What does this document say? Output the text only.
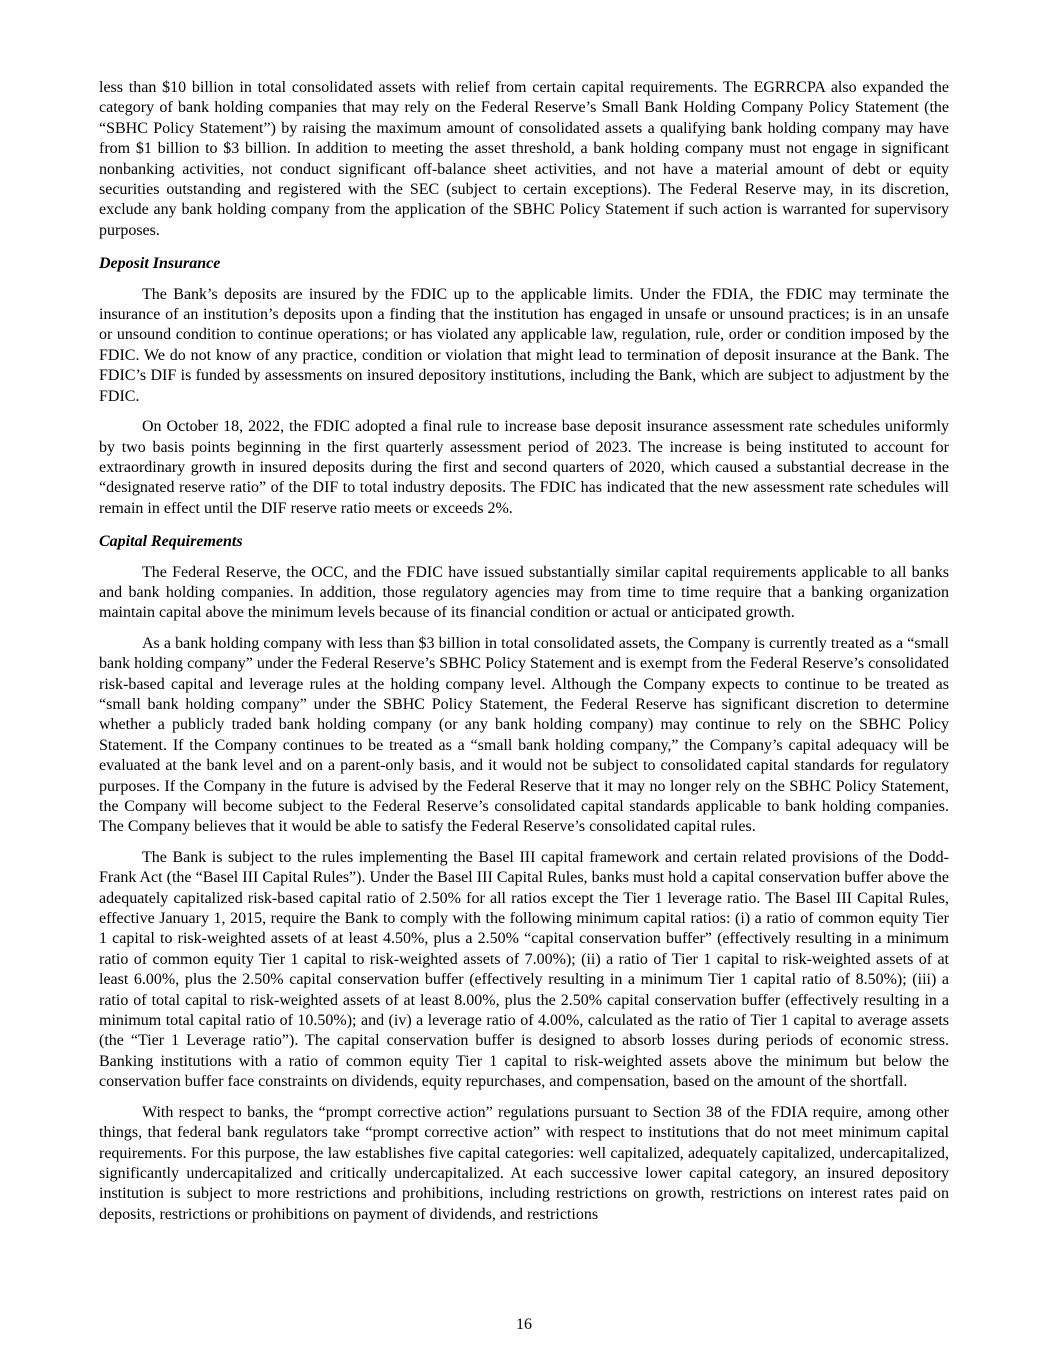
less than $10 billion in total consolidated assets with relief from certain capital requirements. The EGRRCPA also expanded the category of bank holding companies that may rely on the Federal Reserve’s Small Bank Holding Company Policy Statement (the “SBHC Policy Statement”) by raising the maximum amount of consolidated assets a qualifying bank holding company may have from $1 billion to $3 billion. In addition to meeting the asset threshold, a bank holding company must not engage in significant nonbanking activities, not conduct significant off-balance sheet activities, and not have a material amount of debt or equity securities outstanding and registered with the SEC (subject to certain exceptions). The Federal Reserve may, in its discretion, exclude any bank holding company from the application of the SBHC Policy Statement if such action is warranted for supervisory purposes.

Deposit Insurance

The Bank’s deposits are insured by the FDIC up to the applicable limits. Under the FDIA, the FDIC may terminate the insurance of an institution’s deposits upon a finding that the institution has engaged in unsafe or unsound practices; is in an unsafe or unsound condition to continue operations; or has violated any applicable law, regulation, rule, order or condition imposed by the FDIC. We do not know of any practice, condition or violation that might lead to termination of deposit insurance at the Bank. The FDIC’s DIF is funded by assessments on insured depository institutions, including the Bank, which are subject to adjustment by the FDIC.

On October 18, 2022, the FDIC adopted a final rule to increase base deposit insurance assessment rate schedules uniformly by two basis points beginning in the first quarterly assessment period of 2023. The increase is being instituted to account for extraordinary growth in insured deposits during the first and second quarters of 2020, which caused a substantial decrease in the “designated reserve ratio” of the DIF to total industry deposits. The FDIC has indicated that the new assessment rate schedules will remain in effect until the DIF reserve ratio meets or exceeds 2%.

Capital Requirements

The Federal Reserve, the OCC, and the FDIC have issued substantially similar capital requirements applicable to all banks and bank holding companies. In addition, those regulatory agencies may from time to time require that a banking organization maintain capital above the minimum levels because of its financial condition or actual or anticipated growth.

As a bank holding company with less than $3 billion in total consolidated assets, the Company is currently treated as a “small bank holding company” under the Federal Reserve’s SBHC Policy Statement and is exempt from the Federal Reserve’s consolidated risk-based capital and leverage rules at the holding company level. Although the Company expects to continue to be treated as “small bank holding company” under the SBHC Policy Statement, the Federal Reserve has significant discretion to determine whether a publicly traded bank holding company (or any bank holding company) may continue to rely on the SBHC Policy Statement. If the Company continues to be treated as a “small bank holding company,” the Company’s capital adequacy will be evaluated at the bank level and on a parent-only basis, and it would not be subject to consolidated capital standards for regulatory purposes. If the Company in the future is advised by the Federal Reserve that it may no longer rely on the SBHC Policy Statement, the Company will become subject to the Federal Reserve’s consolidated capital standards applicable to bank holding companies. The Company believes that it would be able to satisfy the Federal Reserve’s consolidated capital rules.

The Bank is subject to the rules implementing the Basel III capital framework and certain related provisions of the Dodd-Frank Act (the “Basel III Capital Rules”). Under the Basel III Capital Rules, banks must hold a capital conservation buffer above the adequately capitalized risk-based capital ratio of 2.50% for all ratios except the Tier 1 leverage ratio. The Basel III Capital Rules, effective January 1, 2015, require the Bank to comply with the following minimum capital ratios: (i) a ratio of common equity Tier 1 capital to risk-weighted assets of at least 4.50%, plus a 2.50% “capital conservation buffer” (effectively resulting in a minimum ratio of common equity Tier 1 capital to risk-weighted assets of 7.00%); (ii) a ratio of Tier 1 capital to risk-weighted assets of at least 6.00%, plus the 2.50% capital conservation buffer (effectively resulting in a minimum Tier 1 capital ratio of 8.50%); (iii) a ratio of total capital to risk-weighted assets of at least 8.00%, plus the 2.50% capital conservation buffer (effectively resulting in a minimum total capital ratio of 10.50%); and (iv) a leverage ratio of 4.00%, calculated as the ratio of Tier 1 capital to average assets (the “Tier 1 Leverage ratio”). The capital conservation buffer is designed to absorb losses during periods of economic stress. Banking institutions with a ratio of common equity Tier 1 capital to risk-weighted assets above the minimum but below the conservation buffer face constraints on dividends, equity repurchases, and compensation, based on the amount of the shortfall.

With respect to banks, the “prompt corrective action” regulations pursuant to Section 38 of the FDIA require, among other things, that federal bank regulators take “prompt corrective action” with respect to institutions that do not meet minimum capital requirements. For this purpose, the law establishes five capital categories: well capitalized, adequately capitalized, undercapitalized, significantly undercapitalized and critically undercapitalized. At each successive lower capital category, an insured depository institution is subject to more restrictions and prohibitions, including restrictions on growth, restrictions on interest rates paid on deposits, restrictions or prohibitions on payment of dividends, and restrictions

16
